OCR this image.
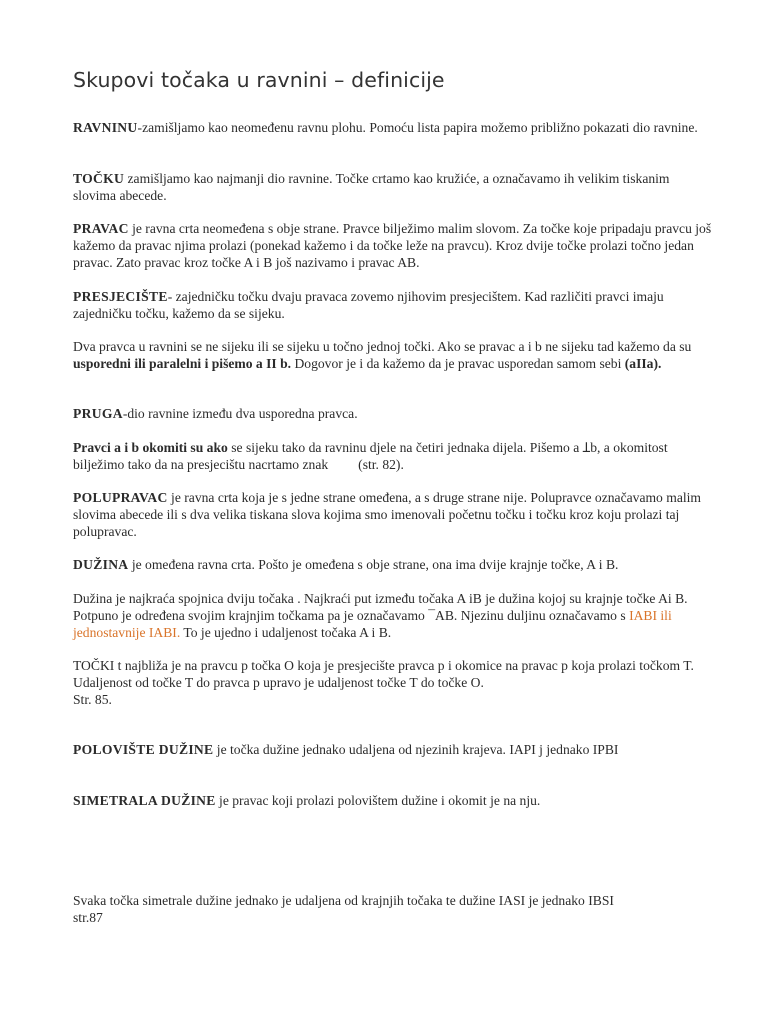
Skupovi točaka u ravnini – definicije

RAVNINU-zamišljamo kao neomeđenu ravnu plohu. Pomoću lista papira možemo približno pokazati dio ravnine.

TOČKU zamišljamo kao najmanji dio ravnine. Točke crtamo kao kružiće, a označavamo ih velikim tiskanim slovima abecede.

PRAVAC je ravna crta neomeđena s obje strane. Pravce bilježimo malim slovom. Za točke koje pripadaju pravcu još kažemo da pravac njima prolazi (ponekad kažemo i da točke leže na pravcu). Kroz dvije točke prolazi točno jedan pravac. Zato pravac kroz točke A i B još nazivamo i pravac AB.

PRESJECIŠTE- zajedničku točku dvaju pravaca zovemo njihovim presjecištem. Kad različiti pravci imaju zajedničku točku, kažemo da se sijeku.

Dva pravca u ravnini se ne sijeku ili se sijeku u točno jednoj točki. Ako se pravac a i b ne sijeku tad kažemo da su usporedni ili paralelni i pišemo a II b. Dogovor je i da kažemo da je pravac usporedan samom sebi (aIIa).

PRUGA-dio ravnine između dva usporedna pravca.

Pravci a i b okomiti su ako se sijeku tako da ravninu djele na četiri jednaka dijela. Pišemo a Ʇb, a okomitost bilježimo tako da na presjecištu nacrtamo znak (str. 82).

POLUPRAVAC je ravna crta koja je s jedne strane omeđena, a s druge strane nije. Polupravce označavamo malim slovima abecede ili s dva velika tiskana slova kojima smo imenovali početnu točku i točku kroz koju prolazi taj polupravac.

DUŽINA je omeđena ravna crta. Pošto je omeđena s obje strane, ona ima dvije krajnje točke, A i B.

Dužina je najkraća spojnica dviju točaka . Najkraći put između točaka A iB je dužina kojoj su krajnje točke Ai B. Potpuno je određena svojim krajnjim točkama pa je označavamo ¯AB. Njezinu duljinu označavamo s IABI ili jednostavnije IABI. To je ujedno i udaljenost točaka A i B.

TOČKI t najbliža je na pravcu p točka O koja je presjecište pravca p i okomice na pravac p koja prolazi točkom T. Udaljenost od točke T do pravca p upravo je udaljenost točke T do točke O.
Str. 85.

POLOVIŠTE DUŽINE je točka dužine jednako udaljena od njezinih krajeva. IAPI j jednako IPBI

SIMETRALA DUŽINE je pravac koji prolazi polovištem dužine i okomit je na nju.

Svaka točka simetrale dužine jednako je udaljena od krajnjih točaka te dužine IASI je jednako IBSI
str.87
